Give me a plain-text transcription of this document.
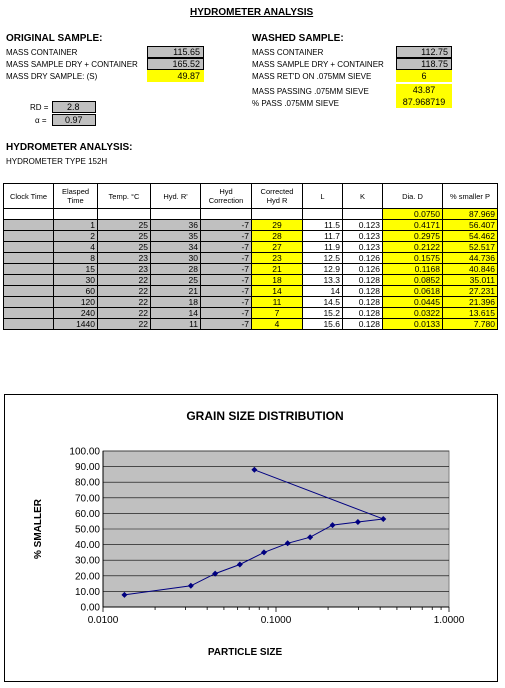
HYDROMETER ANALYSIS
ORIGINAL SAMPLE:
MASS CONTAINER	115.65
MASS SAMPLE DRY + CONTAINER	165.52
MASS DRY SAMPLE: (S)	49.87
WASHED SAMPLE:
MASS CONTAINER	112.75
MASS SAMPLE DRY + CONTAINER	118.75
MASS RET'D ON .075MM SIEVE	6
MASS PASSING .075MM SIEVE	43.87
% PASS .075MM SIEVE	87.968719
RD =	2.8
α =	0.97
HYDROMETER ANALYSIS:
HYDROMETER TYPE 152H
Clock Time	Elasped Time	Temp. °C	Hyd. R'	Hyd Correction	Corrected Hyd R	L	K	Dia. D	% smaller P
								0.0750	87.969
	1	25	36	-7	29	11.5	0.123	0.4171	56.407
	2	25	35	-7	28	11.7	0.123	0.2975	54.462
	4	25	34	-7	27	11.9	0.123	0.2122	52.517
	8	23	30	-7	23	12.5	0.126	0.1575	44.736
	15	23	28	-7	21	12.9	0.126	0.1168	40.846
	30	22	25	-7	18	13.3	0.128	0.0852	35.011
	60	22	21	-7	14	14	0.128	0.0618	27.231
	120	22	18	-7	11	14.5	0.128	0.0445	21.396
	240	22	14	-7	7	15.2	0.128	0.0322	13.615
	1440	22	11	-7	4	15.6	0.128	0.0133	7.780
100.00
90.00
80.00
70.00
60.00
50.00
40.00
30.00
20.00
10.00
0.00
0.0100	0.1000	1.0000
GRAIN SIZE DISTRIBUTION
PARTICLE SIZE
% SMALLER
